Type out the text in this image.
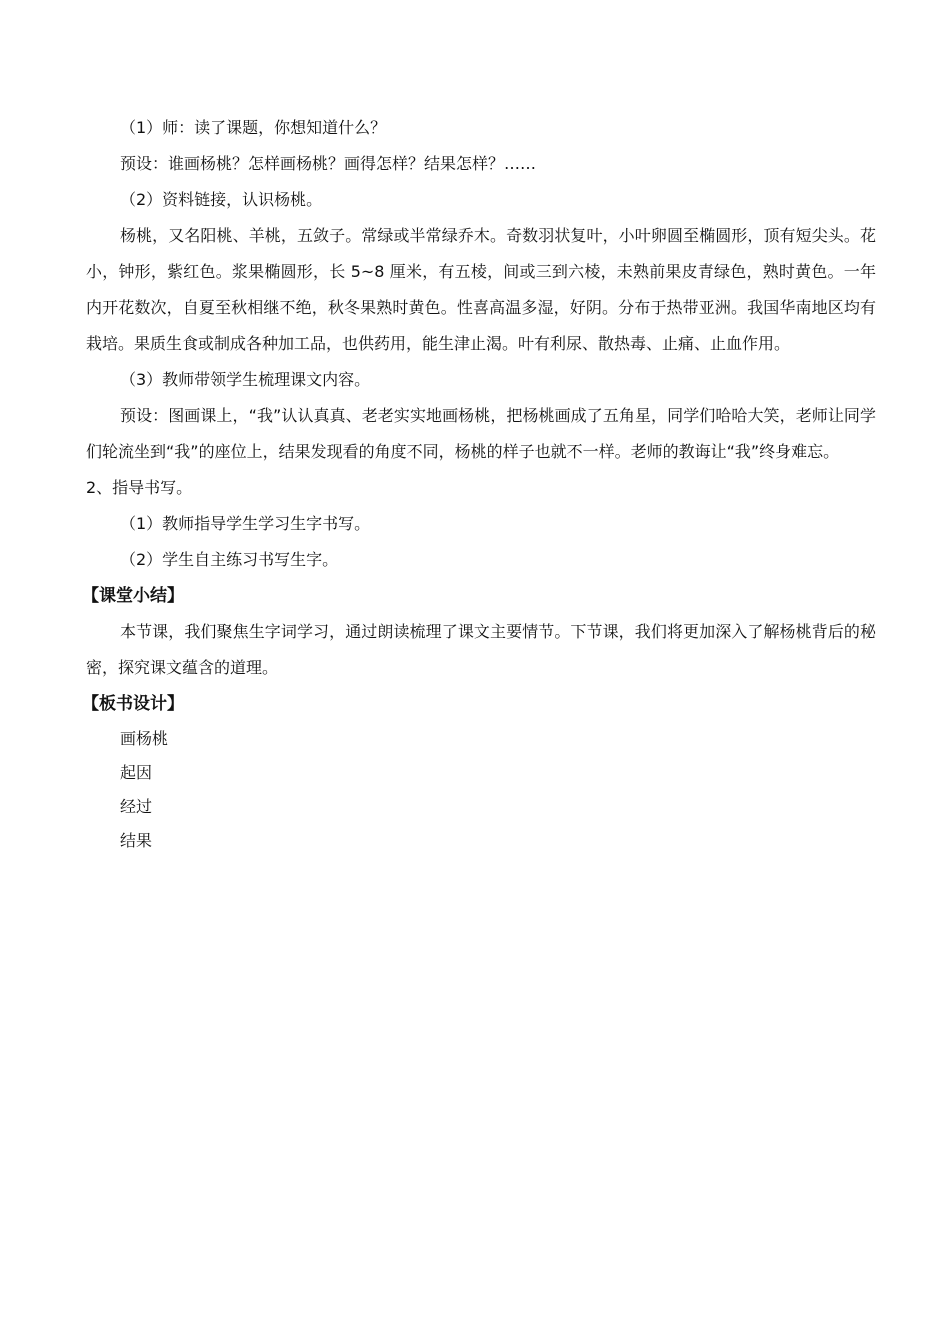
（1）师：读了课题，你想知道什么？

预设：谁画杨桃？怎样画杨桃？画得怎样？结果怎样？……

（2）资料链接，认识杨桃。

杨桃，又名阳桃、羊桃，五敛子。常绿或半常绿乔木。奇数羽状复叶，小叶卵圆至椭圆形，顶有短尖头。花小，钟形，紫红色。浆果椭圆形，长 5~8 厘米，有五棱，间或三到六棱，未熟前果皮青绿色，熟时黄色。一年内开花数次，自夏至秋相继不绝，秋冬果熟时黄色。性喜高温多湿，好阴。分布于热带亚洲。我国华南地区均有栽培。果质生食或制成各种加工品，也供药用，能生津止渴。叶有利尿、散热毒、止痛、止血作用。

（3）教师带领学生梳理课文内容。

预设：图画课上，“我”认认真真、老老实实地画杨桃，把杨桃画成了五角星，同学们哈哈大笑，老师让同学们轮流坐到“我”的座位上，结果发现看的角度不同，杨桃的样子也就不一样。老师的教诲让“我”终身难忘。

2、指导书写。

（1）教师指导学生学习生字书写。

（2）学生自主练习书写生字。

【课堂小结】

本节课，我们聚焦生字词学习，通过朗读梳理了课文主要情节。下节课，我们将更加深入了解杨桃背后的秘密，探究课文蕴含的道理。

【板书设计】

画杨桃

起因

经过

结果
